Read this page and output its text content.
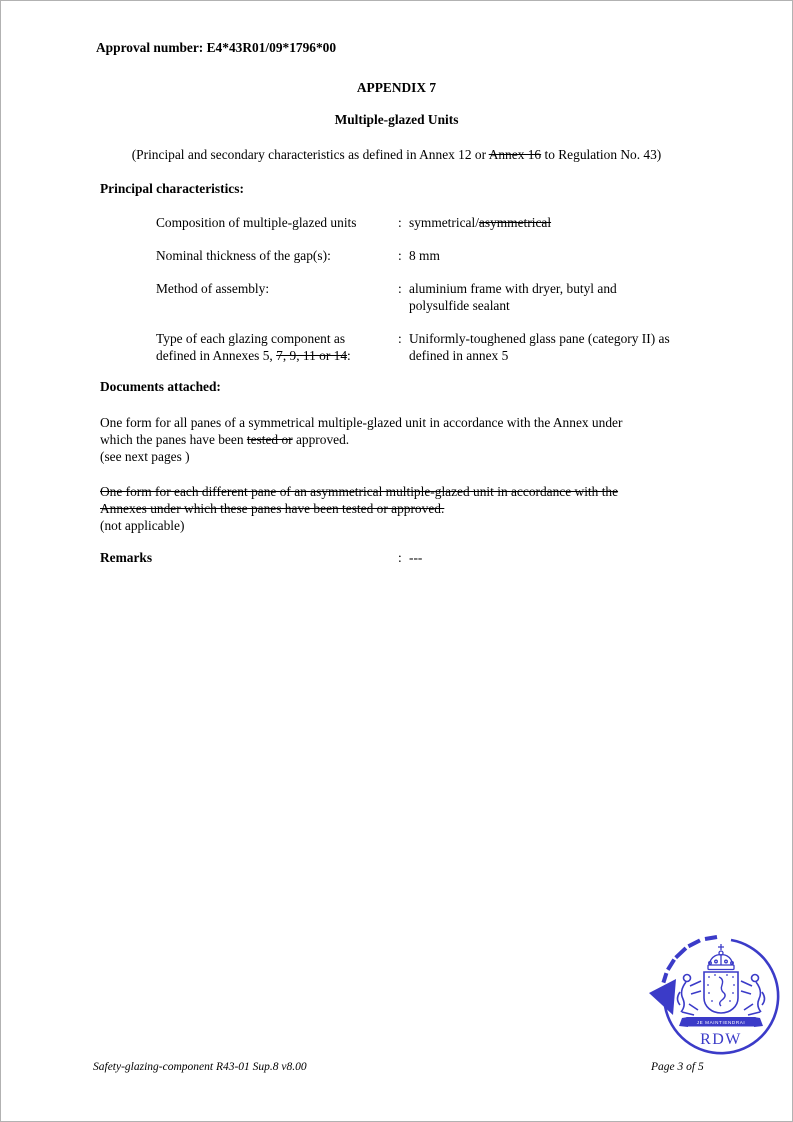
Approval number: E4*43R01/09*1796*00
APPENDIX 7
Multiple-glazed Units
(Principal and secondary characteristics as defined in Annex 12 or Annex 16 to Regulation No. 43)
Principal characteristics:
Composition of multiple-glazed units	: symmetrical/asymmetrical
Nominal thickness of the gap(s):	: 8 mm
Method of assembly:	: aluminium frame with dryer, butyl and
polysulfide sealant
Type of each glazing component as
defined in Annexes 5, 7, 9, 11 or 14:
: Uniformly-toughened glass pane (category II) as
defined in annex 5
Documents attached:
One form for all panes of a symmetrical multiple-glazed unit in accordance with the Annex under
which the panes have been tested or approved.
(see next pages )
One form for each different pane of an asymmetrical multiple-glazed unit in accordance with the
Annexes under which these panes have been tested or approved.
(not applicable)
Remarks	: ---
JE MAINTIENDRAI
RDW
Safety-glazing-component R43-01 Sup.8 v8.00	Page 3 of 5
